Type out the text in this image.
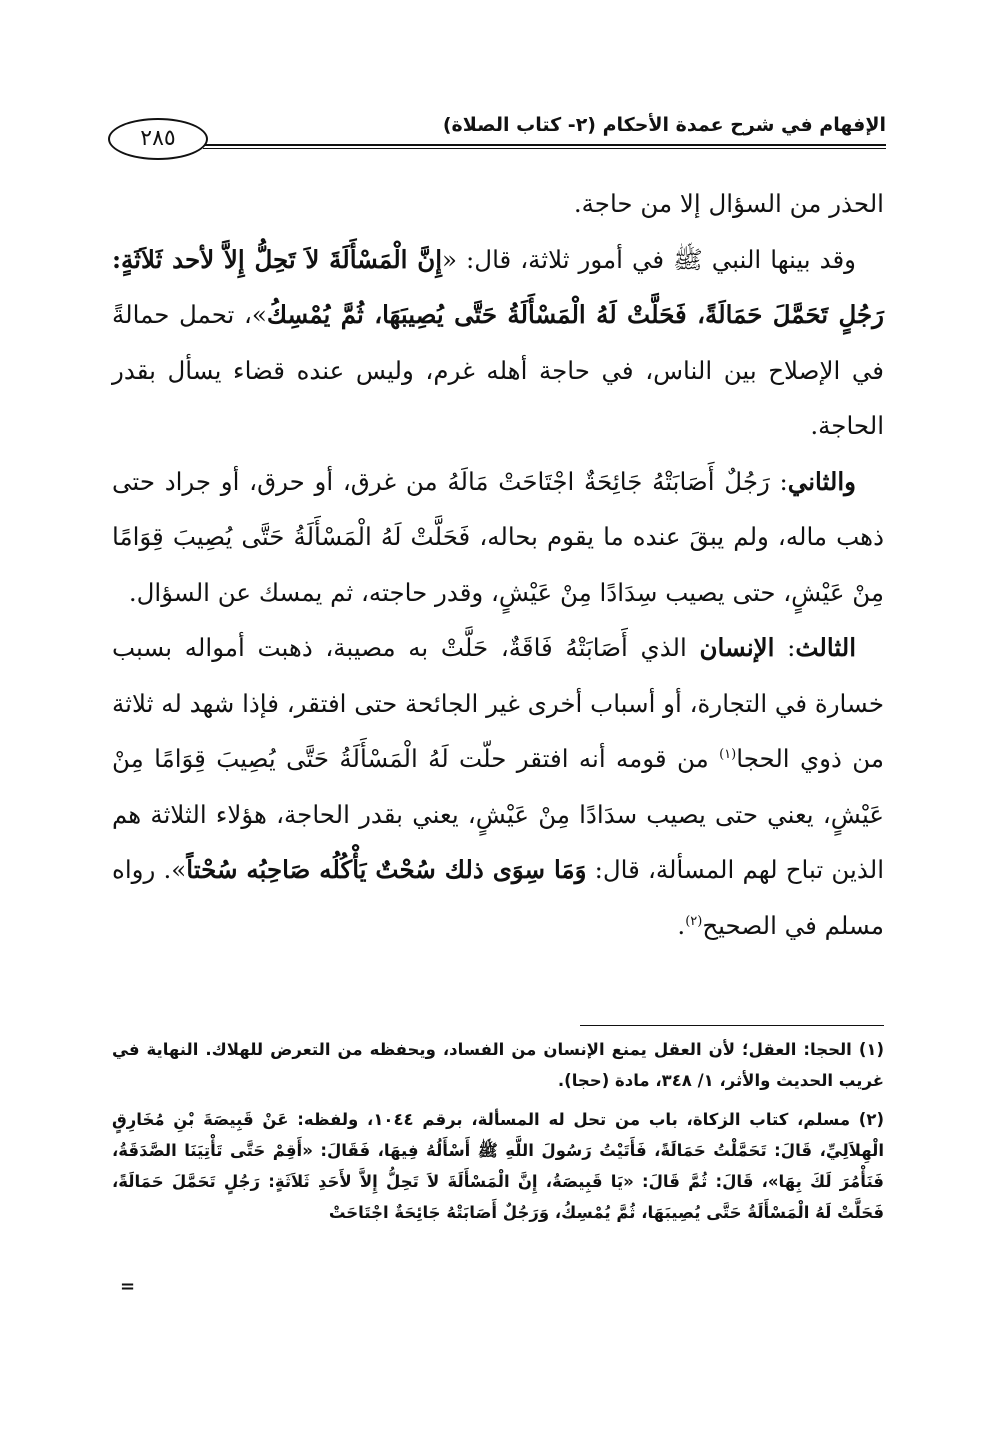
الإفهام في شرح عمدة الأحكام (٢- كتاب الصلاة)
٢٨٥

الحذر من السؤال إلا من حاجة.

وقد بينها النبي ﷺ في أمور ثلاثة، قال: «إِنَّ الْمَسْأَلَةَ لاَ تَحِلُّ إِلاَّ لأحد ثَلاَثَةٍ: رَجُلٍ تَحَمَّلَ حَمَالَةً، فَحَلَّتْ لَهُ الْمَسْأَلَةُ حَتَّى يُصِيبَهَا، ثُمَّ يُمْسِكُ»، تحمل حمالةً في الإصلاح بين الناس، في حاجة أهله غرم، وليس عنده قضاء يسأل بقدر الحاجة.

والثاني: رَجُلٌ أَصَابَتْهُ جَائِحَةٌ اجْتَاحَتْ مَالَهُ من غرق، أو حرق، أو جراد حتى ذهب ماله، ولم يبقَ عنده ما يقوم بحاله، فَحَلَّتْ لَهُ الْمَسْأَلَةُ حَتَّى يُصِيبَ قِوَامًا مِنْ عَيْشٍ، حتى يصيب سِدَادًا مِنْ عَيْشٍ، وقدر حاجته، ثم يمسك عن السؤال.

الثالث: الإنسان الذي أَصَابَتْهُ فَاقَةٌ، حَلَّتْ به مصيبة، ذهبت أمواله بسبب خسارة في التجارة، أو أسباب أخرى غير الجائحة حتى افتقر، فإذا شهد له ثلاثة من ذوي الحجا$^{(١)}$ من قومه أنه افتقر حلّت لَهُ الْمَسْأَلَةُ حَتَّى يُصِيبَ قِوَامًا مِنْ عَيْشٍ، يعني حتى يصيب سدَادًا مِنْ عَيْشٍ، يعني بقدر الحاجة، هؤلاء الثلاثة هم الذين تباح لهم المسألة، قال: وَمَا سِوَى ذلك سُحْتٌ يَأْكُلُه صَاحِبُه سُحْتاً». رواه مسلم في الصحيح$^{(٢)}$.

(١) الحجا: العقل؛ لأن العقل يمنع الإنسان من الفساد، ويحفظه من التعرض للهلاك. النهاية في غريب الحديث والأثر، ١/ ٣٤٨، مادة (حجا).

(٢) مسلم، كتاب الزكاة، باب من تحل له المسألة، برقم ١٠٤٤، ولفظه: عَنْ قَبِيصَةَ بْنِ مُخَارِقٍ الْهِلاَلِيِّ، قَالَ: تَحَمَّلْتُ حَمَالَةً، فَأَتَيْتُ رَسُولَ اللَّهِ ﷺ أَسْأَلُهُ فِيهَا، فَقَالَ: «أَقِمْ حَتَّى تَأْتِيَنَا الصَّدَقَةُ، فَنَأْمُرَ لَكَ بِهَا»، قَالَ: ثُمَّ قَالَ: «يَا قَبِيصَةُ، إِنَّ الْمَسْأَلَةَ لاَ تَحِلُّ إِلاَّ لأَحَدِ ثَلاَثَةٍ: رَجُلٍ تَحَمَّلَ حَمَالَةً، فَحَلَّتْ لَهُ الْمَسْأَلَةُ حَتَّى يُصِيبَهَا، ثُمَّ يُمْسِكُ، وَرَجُلٌ أَصَابَتْهُ جَائِحَةٌ اجْتَاحَتْ

=
